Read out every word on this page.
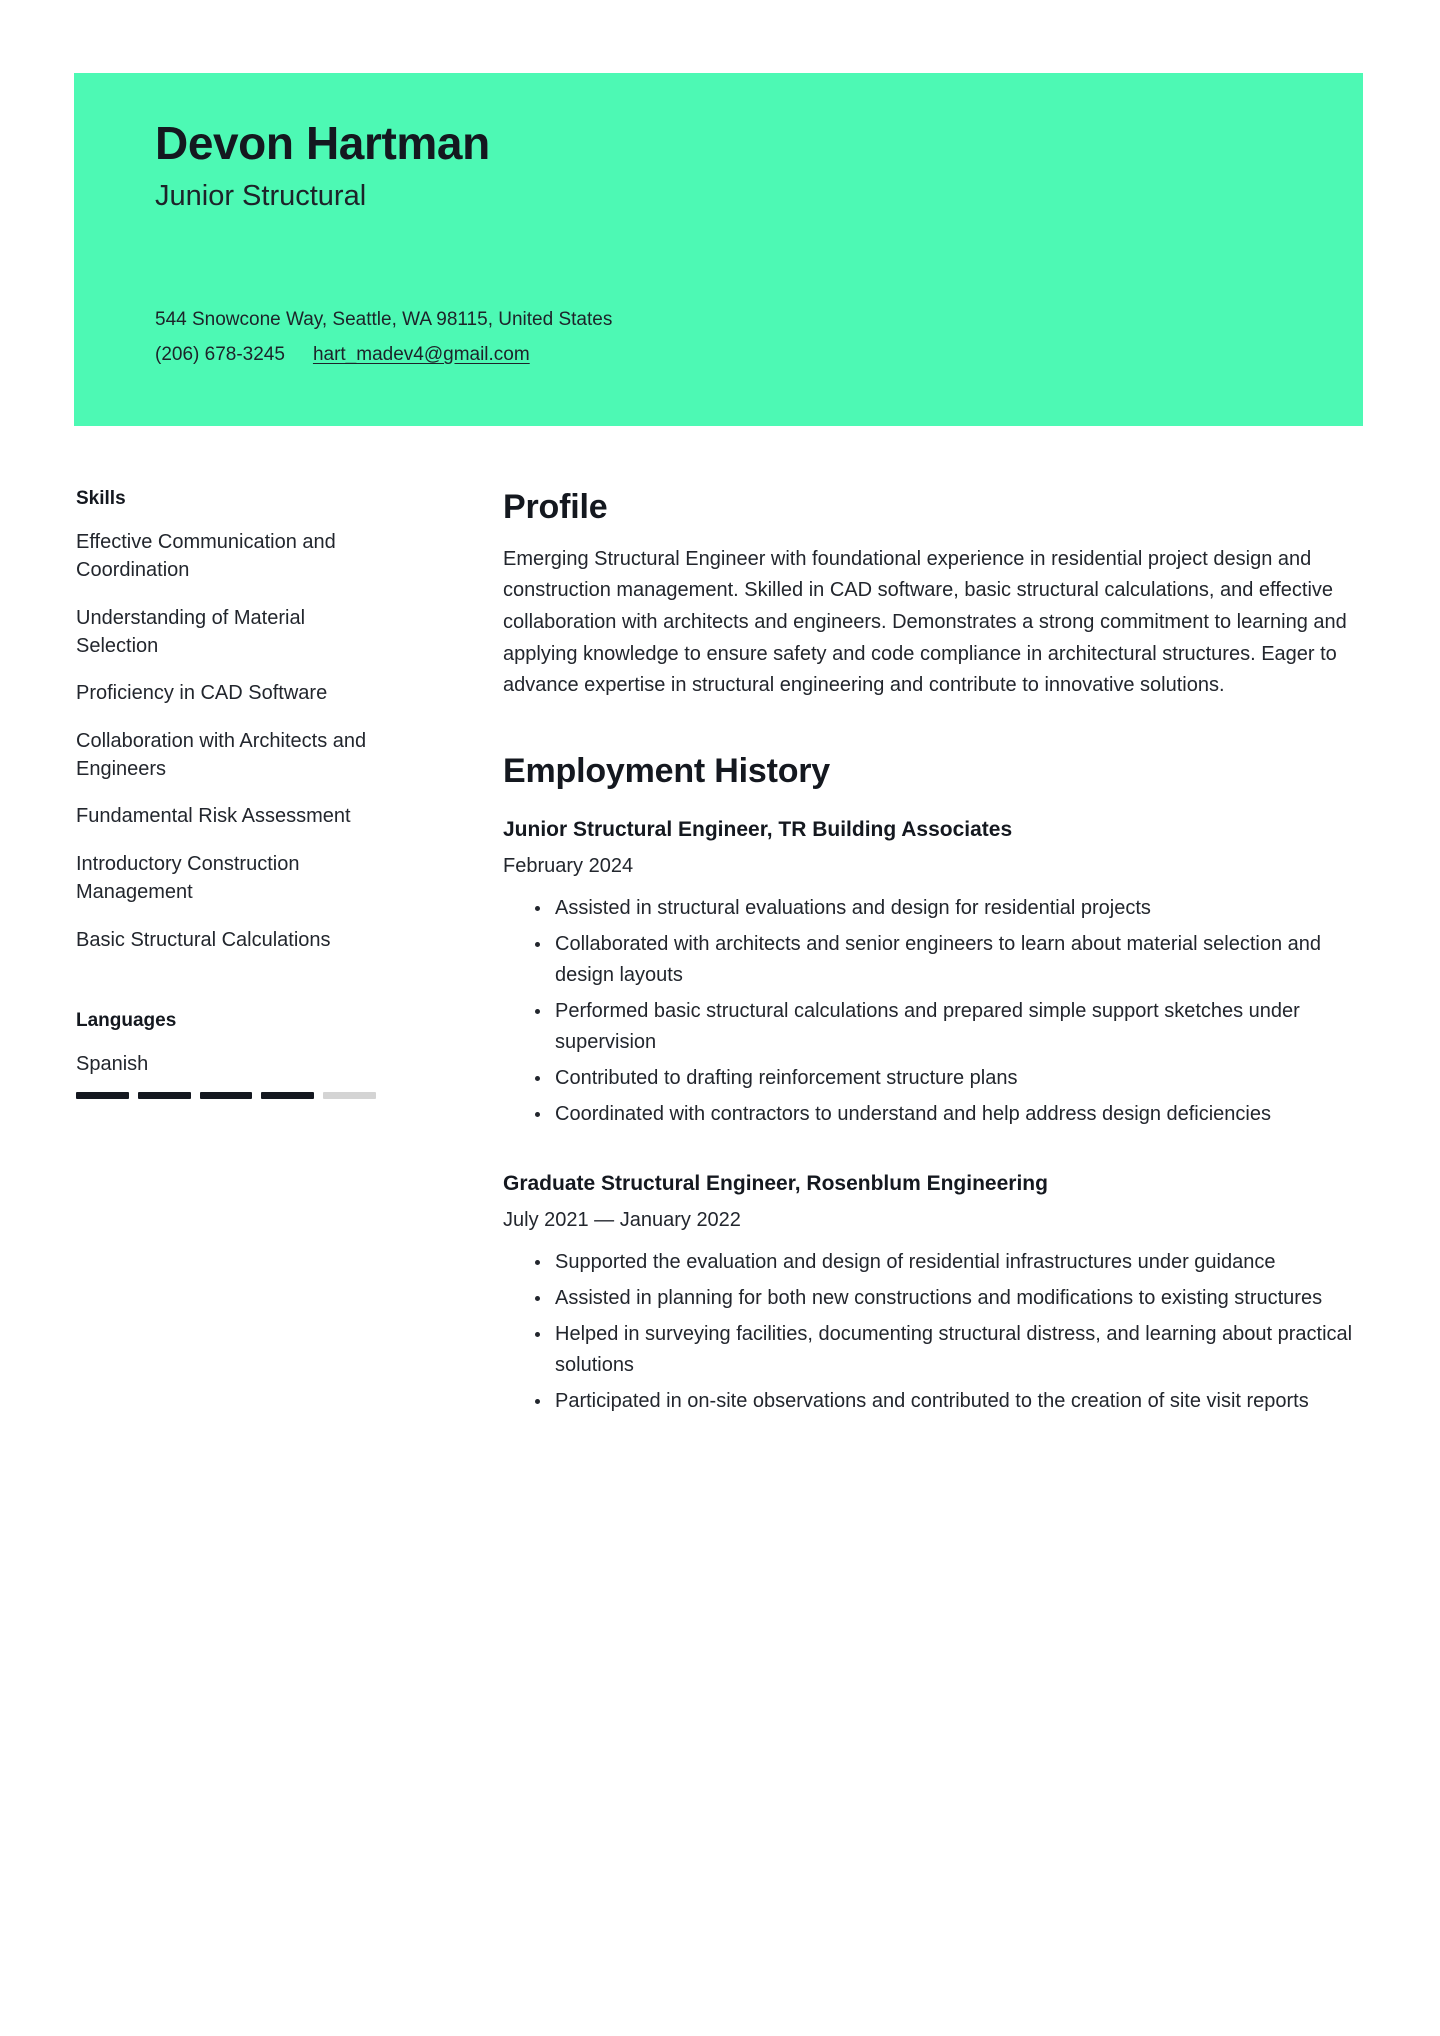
Devon Hartman
Junior Structural
544 Snowcone Way, Seattle, WA 98115, United States
(206) 678-3245 hart_madev4@gmail.com
Skills
Effective Communication and Coordination
Understanding of Material Selection
Proficiency in CAD Software
Collaboration with Architects and Engineers
Fundamental Risk Assessment
Introductory Construction Management
Basic Structural Calculations
Languages
Spanish
Profile

Emerging Structural Engineer with foundational experience in residential project design and construction management. Skilled in CAD software, basic structural calculations, and effective collaboration with architects and engineers. Demonstrates a strong commitment to learning and applying knowledge to ensure safety and code compliance in architectural structures. Eager to advance expertise in structural engineering and contribute to innovative solutions.

Employment History
Junior Structural Engineer, TR Building Associates
February 2024
Assisted in structural evaluations and design for residential projects
Collaborated with architects and senior engineers to learn about material selection and design layouts
Performed basic structural calculations and prepared simple support sketches under supervision
Contributed to drafting reinforcement structure plans
Coordinated with contractors to understand and help address design deficiencies
Graduate Structural Engineer, Rosenblum Engineering
July 2021 — January 2022
Supported the evaluation and design of residential infrastructures under guidance
Assisted in planning for both new constructions and modifications to existing structures
Helped in surveying facilities, documenting structural distress, and learning about practical solutions
Participated in on-site observations and contributed to the creation of site visit reports
